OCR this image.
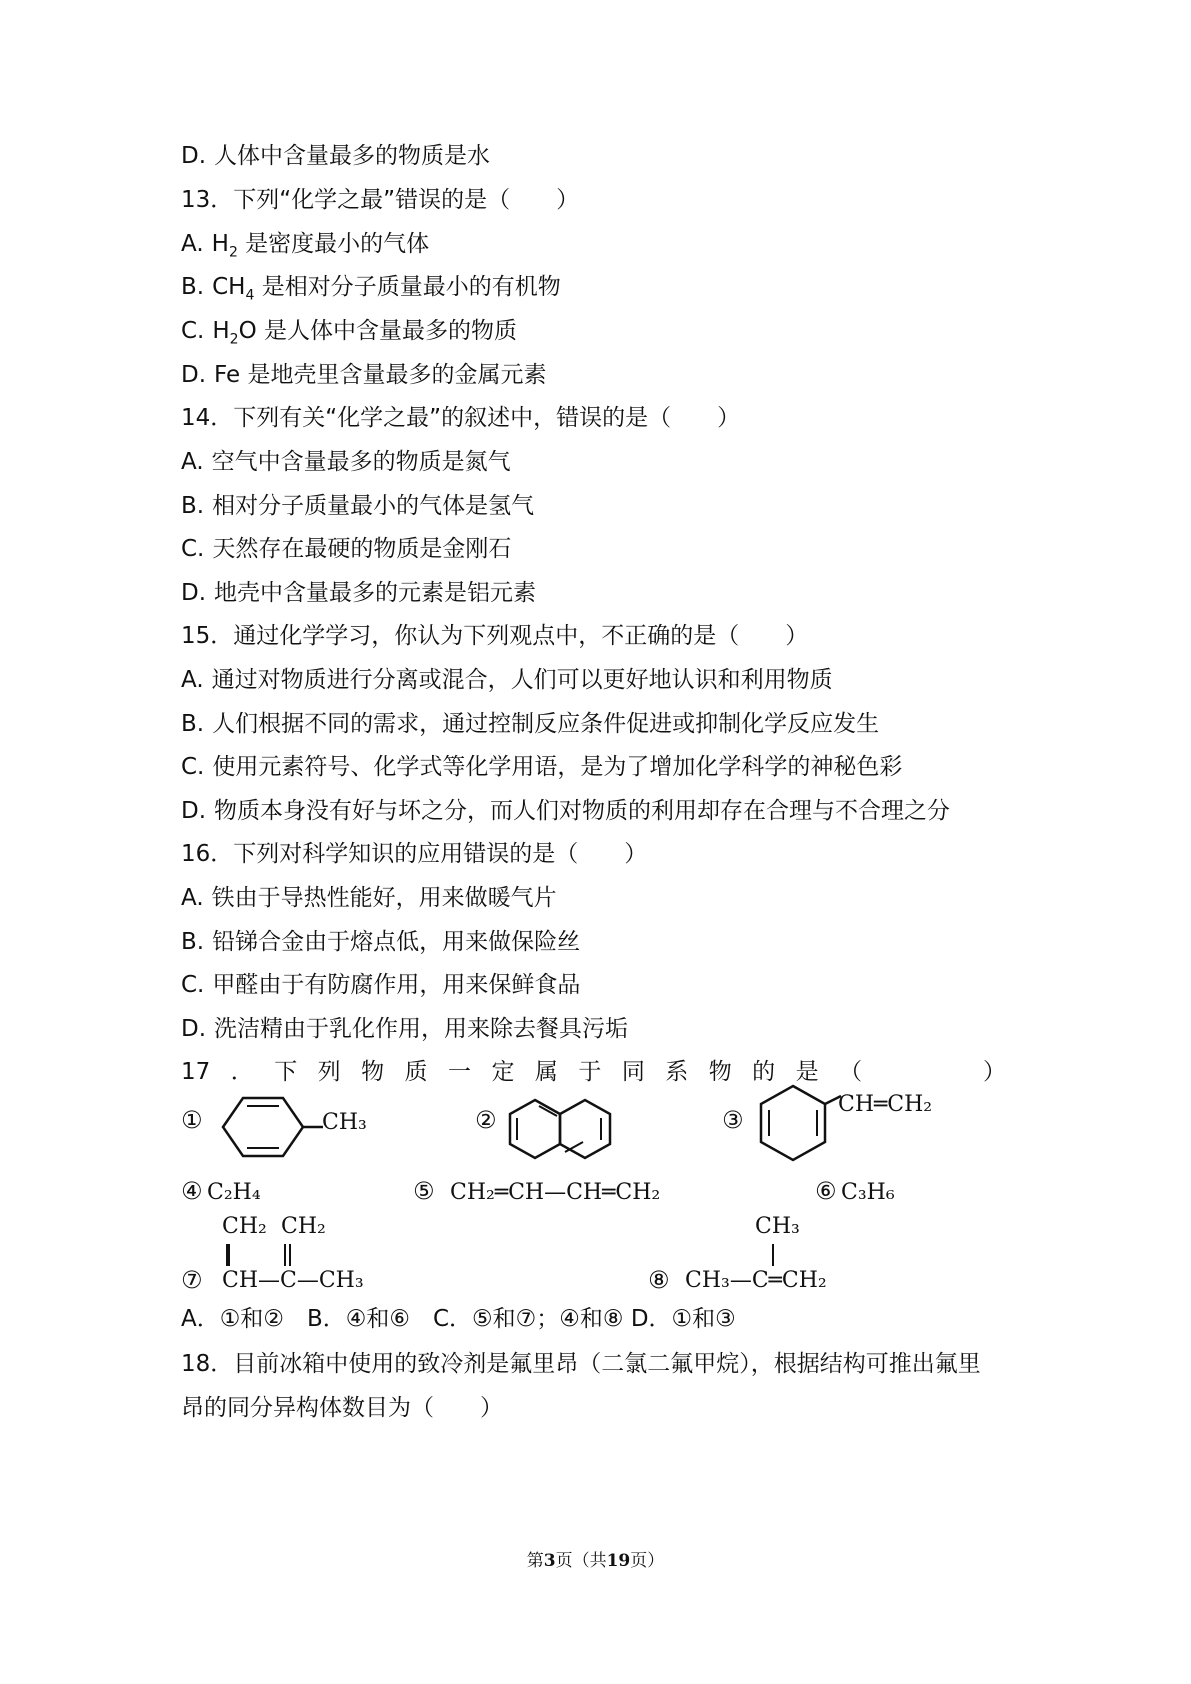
D. 人体中含量最多的物质是水
13．下列“化学之最”错误的是（　　）
A. $H_2$ 是密度最小的气体
B. $CH_4$ 是相对分子质量最小的有机物
C. $H_2O$ 是人体中含量最多的物质
D. Fe 是地壳里含量最多的金属元素
14．下列有关“化学之最”的叙述中，错误的是（　　）
A. 空气中含量最多的物质是氮气
B. 相对分子质量最小的气体是氢气
C. 天然存在最硬的物质是金刚石
D. 地壳中含量最多的元素是铝元素
15．通过化学学习，你认为下列观点中，不正确的是（　　）
A. 通过对物质进行分离或混合，人们可以更好地认识和利用物质
B. 人们根据不同的需求，通过控制反应条件促进或抑制化学反应发生
C. 使用元素符号、化学式等化学用语，是为了增加化学科学的神秘色彩
D. 物质本身没有好与坏之分，而人们对物质的利用却存在合理与不合理之分
16．下列对科学知识的应用错误的是（　　）
A. 铁由于导热性能好，用来做暖气片
B. 铅锑合金由于熔点低，用来做保险丝
C. 甲醛由于有防腐作用，用来保鲜食品
D. 洗洁精由于乳化作用，用来除去餐具污垢
17 ． 下 列 物 质 一 定 属 于 同 系 物 的 是 （	）
①	CH₃	②	③
CH═CH₂
④ C₂H₄	⑤ CH₂═CH—CH═CH₂	⑥ C₃H₆
CH₂ CH₂
⑦ CH—C—CH₃
CH₃
⑧ CH₃—C═CH₂
A．①和②　B．④和⑥　C．⑤和⑦；④和⑧ D．①和③
18．目前冰箱中使用的致冷剂是氟里昂（二氯二氟甲烷），根据结构可推出氟里
昂的同分异构体数目为（　　）
第3页（共19页）
